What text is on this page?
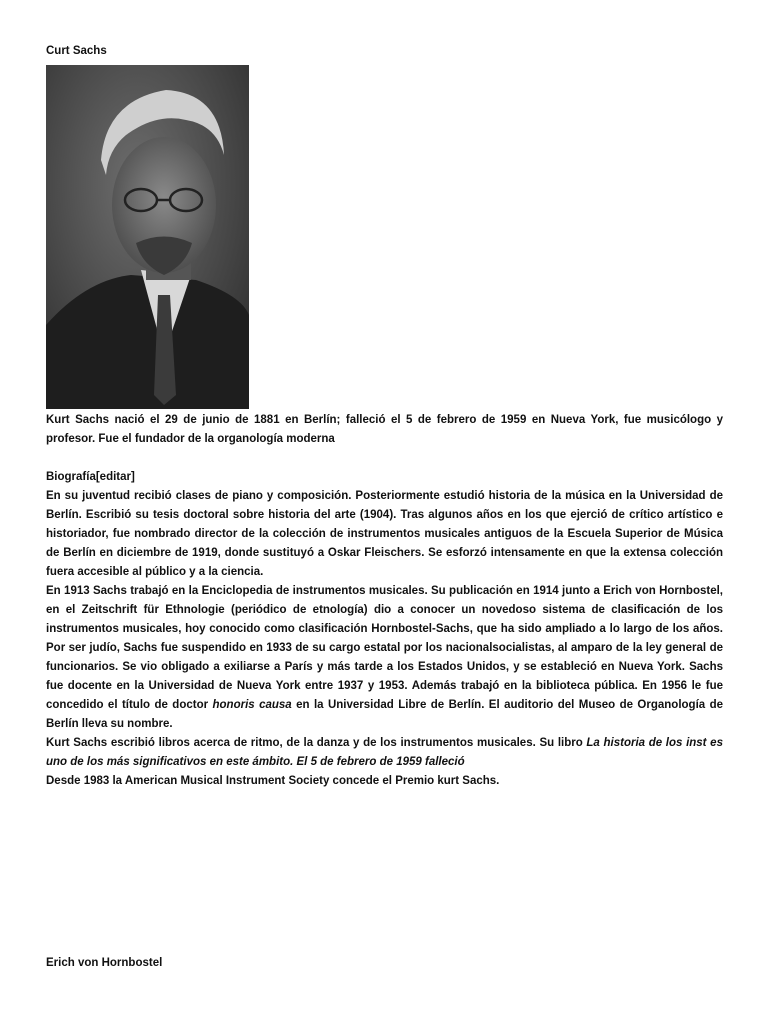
Curt Sachs

Kurt Sachs nació el 29 de junio de 1881 en Berlín; falleció el 5 de febrero de 1959 en Nueva York, fue musicólogo y profesor. Fue el fundador de la organología moderna

Biografía[editar]

En su juventud recibió clases de piano y composición. Posteriormente estudió historia de la música en la Universidad de Berlín. Escribió su tesis doctoral sobre historia del arte (1904). Tras algunos años en los que ejerció de crítico artístico e historiador, fue nombrado director de la colección de instrumentos musicales antiguos de la Escuela Superior de Música de Berlín en diciembre de 1919, donde sustituyó a Oskar Fleischers. Se esforzó intensamente en que la extensa colección fuera accesible al público y a la ciencia.

En 1913 Sachs trabajó en la Enciclopedia de instrumentos musicales. Su publicación en 1914 junto a Erich von Hornbostel, en el Zeitschrift für Ethnologie (periódico de etnología) dio a conocer un novedoso sistema de clasificación de los instrumentos musicales, hoy conocido como clasificación Hornbostel-Sachs, que ha sido ampliado a lo largo de los años. Por ser judío, Sachs fue suspendido en 1933 de su cargo estatal por los nacionalsocialistas, al amparo de la ley general de funcionarios. Se vio obligado a exiliarse a París y más tarde a los Estados Unidos, y se estableció en Nueva York. Sachs fue docente en la Universidad de Nueva York entre 1937 y 1953. Además trabajó en la biblioteca pública. En 1956 le fue concedido el título de doctor honoris causa en la Universidad Libre de Berlín. El auditorio del Museo de Organología de Berlín lleva su nombre.

Kurt Sachs escribió libros acerca de ritmo, de la danza y de los instrumentos musicales. Su libro La historia de los inst es uno de los más significativos en este ámbito. El 5 de febrero de 1959 falleció

Desde 1983 la American Musical Instrument Society concede el Premio kurt Sachs.

Erich von Hornbostel
